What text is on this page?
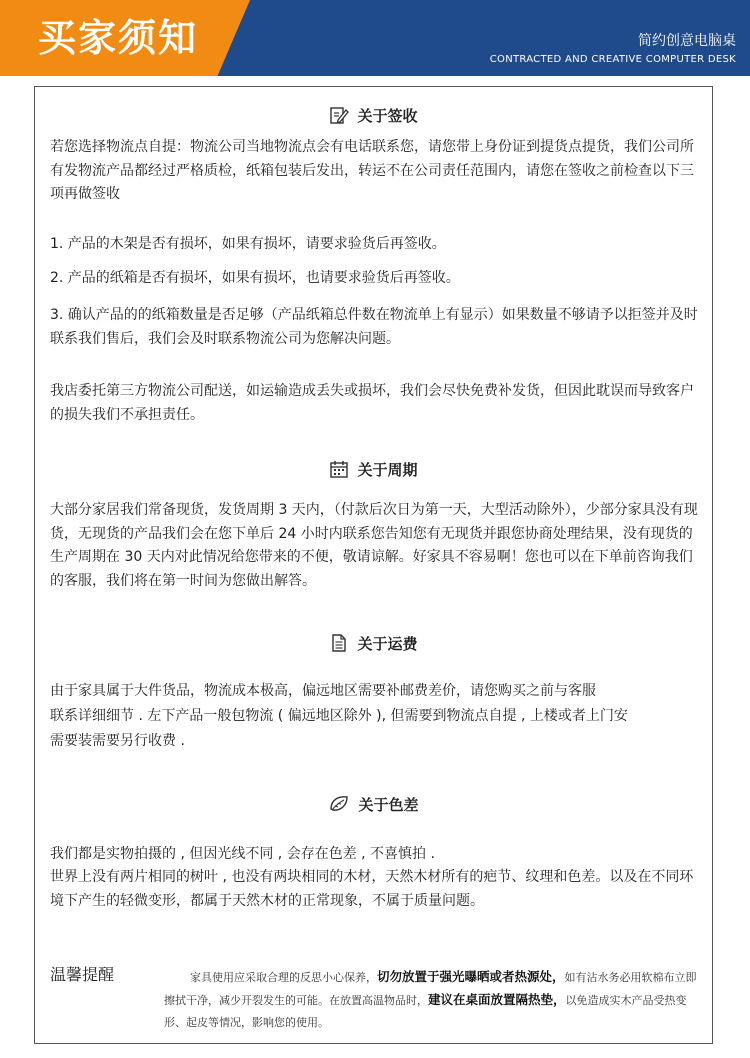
买家须知	简约创意电脑桌
CONTRACTED AND CREATIVE COMPUTER DESK
关于签收
若您选择物流点自提：物流公司当地物流点会有电话联系您，请您带上身份证到提货点提货，我们公司所有发物流产品都经过严格质检，纸箱包装后发出，转运不在公司责任范围内，请您在签收之前检查以下三项再做签收
1. 产品的木架是否有损坏，如果有损坏，请要求验货后再签收。
2. 产品的纸箱是否有损坏，如果有损坏，也请要求验货后再签收。
3. 确认产品的的纸箱数量是否足够（产品纸箱总件数在物流单上有显示）如果数量不够请予以拒签并及时联系我们售后，我们会及时联系物流公司为您解决问题。
我店委托第三方物流公司配送，如运输造成丢失或损坏，我们会尽快免费补发货，但因此耽误而导致客户的损失我们不承担责任。
关于周期
大部分家居我们常备现货，发货周期 3 天内，（付款后次日为第一天，大型活动除外），少部分家具没有现货，无现货的产品我们会在您下单后 24 小时内联系您告知您有无现货并跟您协商处理结果，没有现货的生产周期在 30 天内对此情况给您带来的不便，敬请谅解。好家具不容易啊！您也可以在下单前咨询我们的客服，我们将在第一时间为您做出解答。
关于运费
由于家具属于大件货品，物流成本极高，偏远地区需要补邮费差价，请您购买之前与客服
联系详细细节 . 左下产品一般包物流 ( 偏远地区除外 ), 但需要到物流点自提 , 上楼或者上门安
需要装需要另行收费 .
关于色差
我们都是实物拍摄的 , 但因光线不同 , 会存在色差 , 不喜慎拍 .
世界上没有两片相同的树叶 , 也没有两块相同的木材，天然木材所有的疤节、纹理和色差。以及在不同环境下产生的轻微变形，都属于天然木材的正常现象，不属于质量问题。
温馨提醒	家具使用应采取合理的反思小心保养，切勿放置于强光曝晒或者热源处，如有沾水务必用软棉布立即擦拭干净，减少开裂发生的可能。在放置高温物品时，建议在桌面放置隔热垫，以免造成实木产品受热变形、起皮等情况，影响您的使用。
